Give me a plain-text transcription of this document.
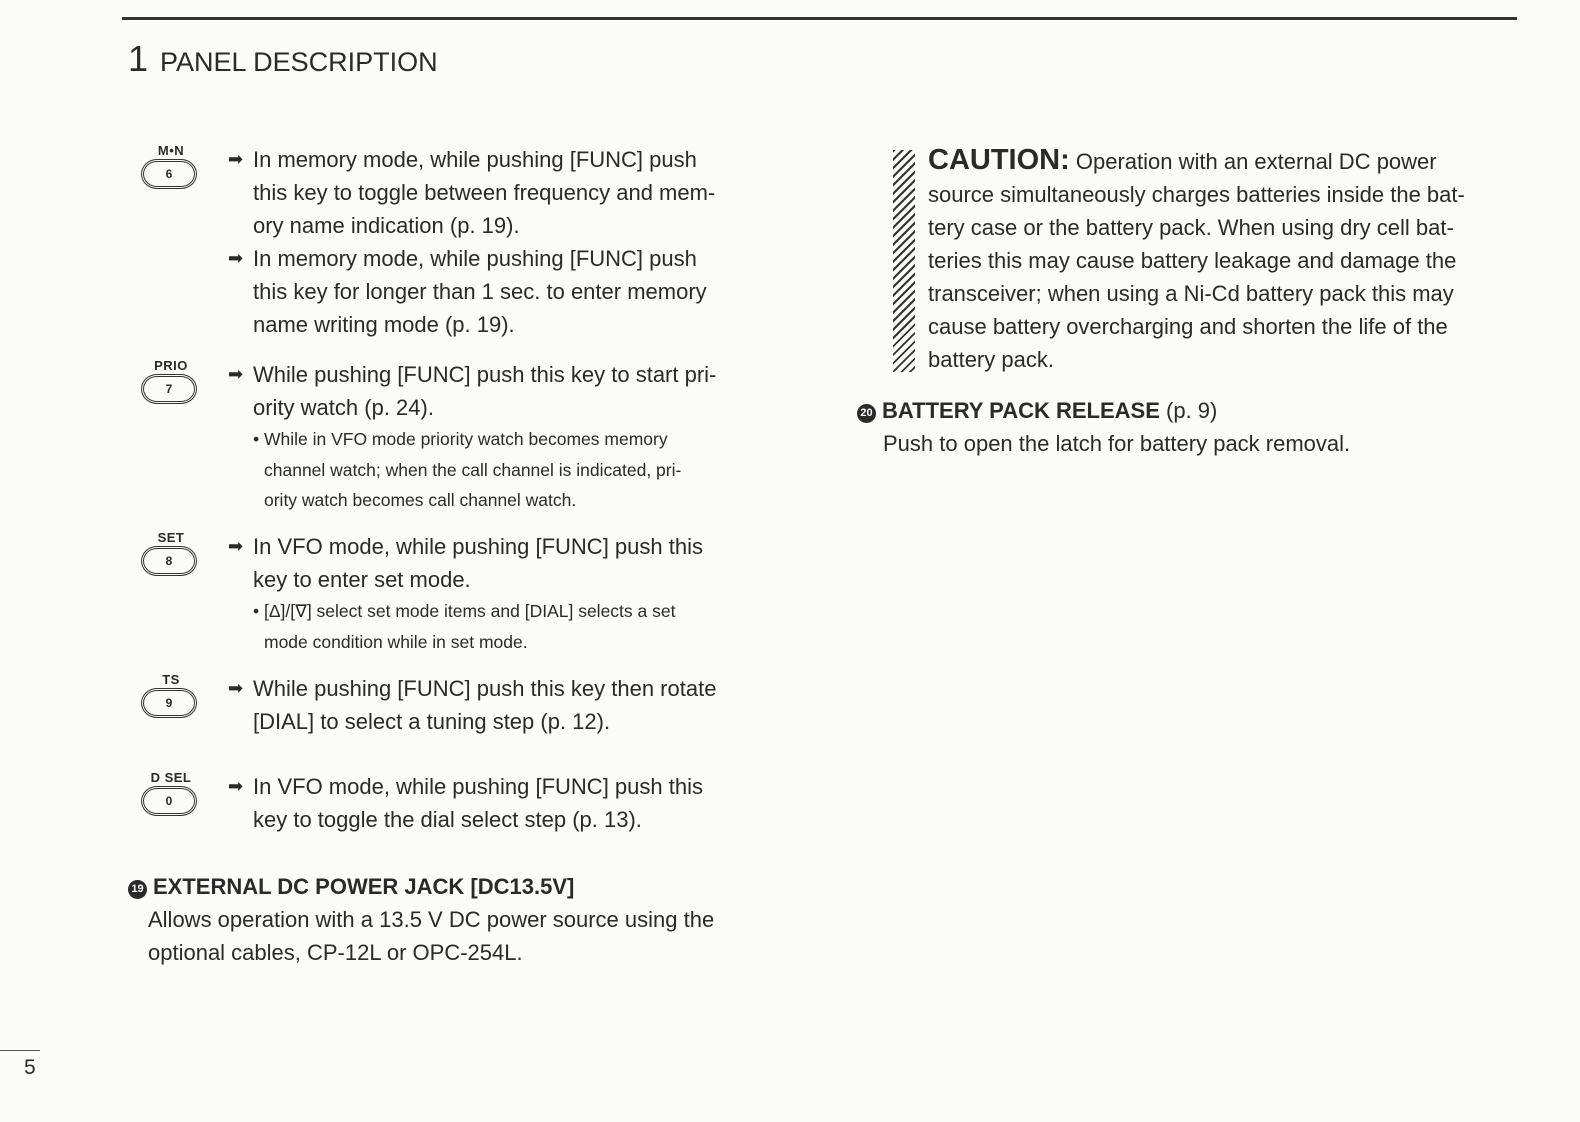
1 PANEL DESCRIPTION
M•N
6
➡ In memory mode, while pushing [FUNC] push
this key to toggle between frequency and mem-
ory name indication (p. 19).
➡ In memory mode, while pushing [FUNC] push
this key for longer than 1 sec. to enter memory
name writing mode (p. 19).
PRIO
7
➡ While pushing [FUNC] push this key to start pri-
ority watch (p. 24).
• While in VFO mode priority watch becomes memory
channel watch; when the call channel is indicated, pri-
ority watch becomes call channel watch.
SET
8
➡ In VFO mode, while pushing [FUNC] push this
key to enter set mode.
• [Δ]/[∇] select set mode items and [DIAL] selects a set
mode condition while in set mode.
TS
9
➡ While pushing [FUNC] push this key then rotate
[DIAL] to select a tuning step (p. 12).
D SEL
0
➡ In VFO mode, while pushing [FUNC] push this
key to toggle the dial select step (p. 13).
19 EXTERNAL DC POWER JACK [DC13.5V]
Allows operation with a 13.5 V DC power source using the
optional cables, CP-12L or OPC-254L.
CAUTION: Operation with an external DC power
source simultaneously charges batteries inside the bat-
tery case or the battery pack. When using dry cell bat-
teries this may cause battery leakage and damage the
transceiver; when using a Ni-Cd battery pack this may
cause battery overcharging and shorten the life of the
battery pack.
20 BATTERY PACK RELEASE (p. 9)
Push to open the latch for battery pack removal.
5
